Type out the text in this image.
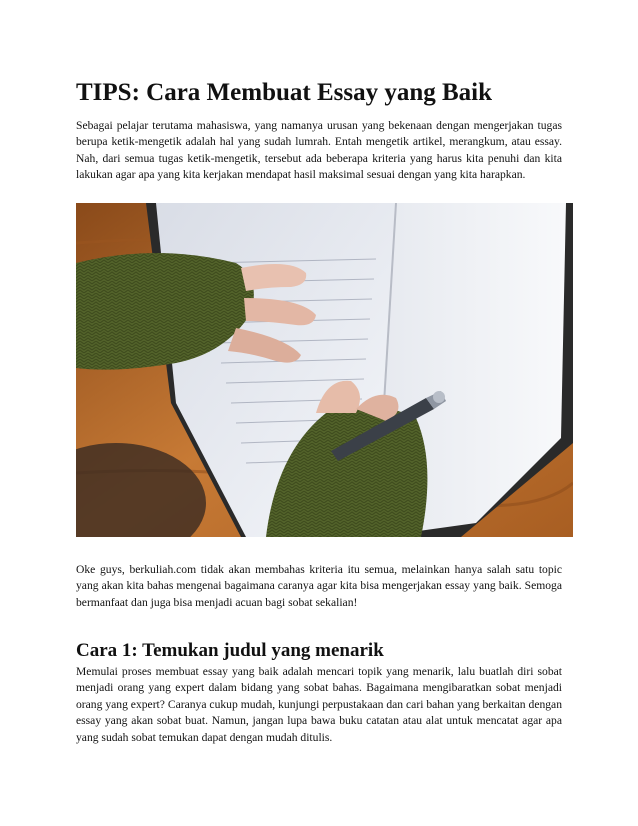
TIPS: Cara Membuat Essay yang Baik

Sebagai pelajar terutama mahasiswa, yang namanya urusan yang bekenaan dengan mengerjakan tugas berupa ketik-mengetik adalah hal yang sudah lumrah. Entah mengetik artikel, merangkum, atau essay. Nah, dari semua tugas ketik-mengetik, tersebut ada beberapa kriteria yang harus kita penuhi dan kita lakukan agar apa yang kita kerjakan mendapat hasil maksimal sesuai dengan yang kita harapkan.

Oke guys, berkuliah.com tidak akan membahas kriteria itu semua, melainkan hanya salah satu topic yang akan kita bahas mengenai bagaimana caranya agar kita bisa mengerjakan essay yang baik. Semoga bermanfaat dan juga bisa menjadi acuan bagi sobat sekalian!

Cara 1: Temukan judul yang menarik

Memulai proses membuat essay yang baik adalah mencari topik yang menarik, lalu buatlah diri sobat menjadi orang yang expert dalam bidang yang sobat bahas. Bagaimana mengibaratkan sobat menjadi orang yang expert? Caranya cukup mudah, kunjungi perpustakaan dan cari bahan yang berkaitan dengan essay yang akan sobat buat. Namun, jangan lupa bawa buku catatan atau alat untuk mencatat agar apa yang sudah sobat temukan dapat dengan mudah ditulis.
